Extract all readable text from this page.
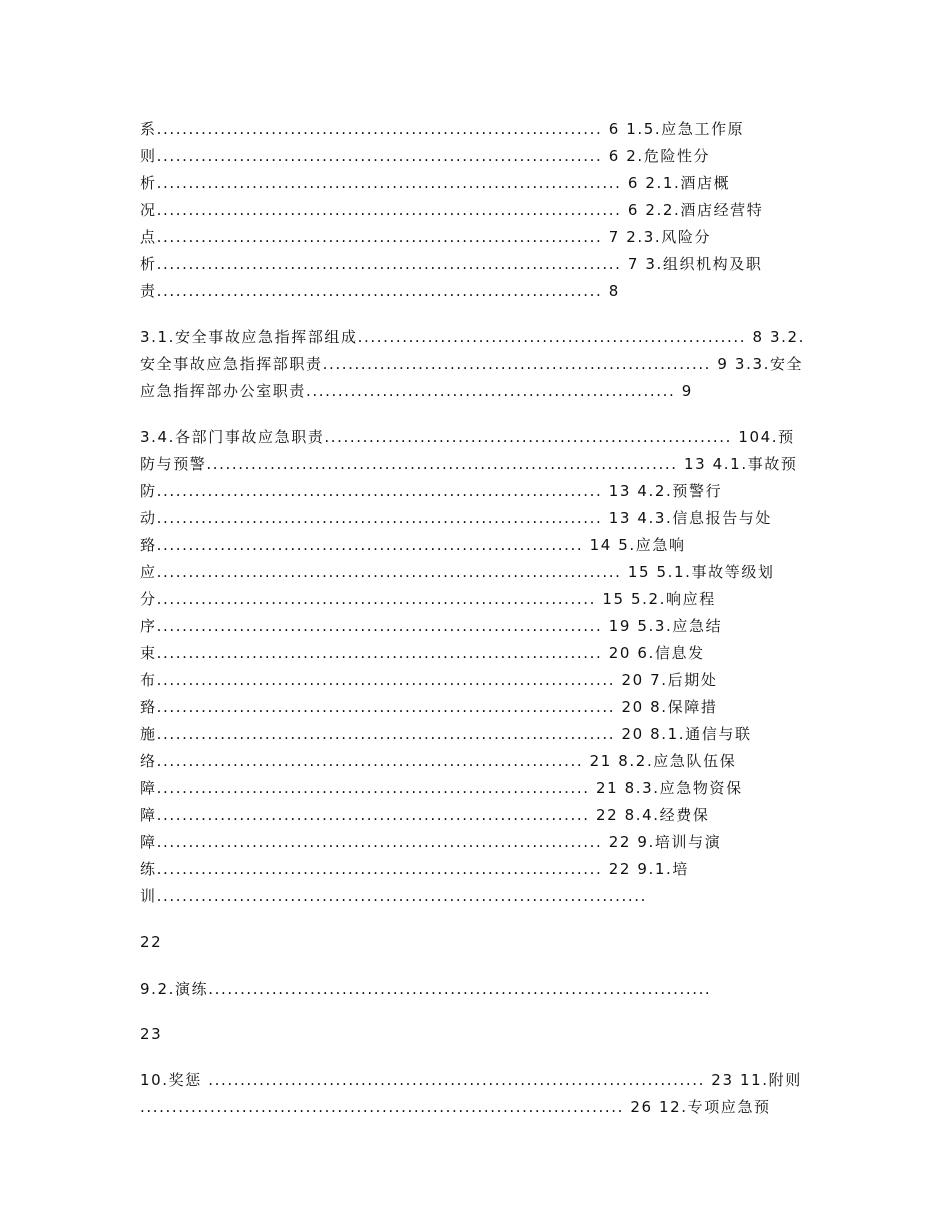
系...................................................................... 6 1.5.应急工作原
则...................................................................... 6 2.危险性分
析......................................................................... 6 2.1.酒店概
况......................................................................... 6 2.2.酒店经营特
点...................................................................... 7 2.3.风险分
析......................................................................... 7 3.组织机构及职
责...................................................................... 8
3.1.安全事故应急指挥部组成............................................................. 8 3.2.
安全事故应急指挥部职责............................................................. 9 3.3.安全
应急指挥部办公室职责.......................................................... 9
3.4.各部门事故应急职责................................................................ 104.预
防与预警.......................................................................... 13 4.1.事故预
防...................................................................... 13 4.2.预警行
动...................................................................... 13 4.3.信息报告与处
臵................................................................... 14 5.应急响
应......................................................................... 15 5.1.事故等级划
分..................................................................... 15 5.2.响应程
序...................................................................... 19 5.3.应急结
束...................................................................... 20 6.信息发
布........................................................................ 20 7.后期处
臵........................................................................ 20 8.保障措
施........................................................................ 20 8.1.通信与联
络................................................................... 21 8.2.应急队伍保
障.................................................................... 21 8.3.应急物资保
障.................................................................... 22 8.4.经费保
障...................................................................... 22 9.培训与演
练...................................................................... 22 9.1.培
训.............................................................................
22
9.2.演练...............................................................................
23
10.奖惩 .............................................................................. 23 11.附则
............................................................................ 26 12.专项应急预
